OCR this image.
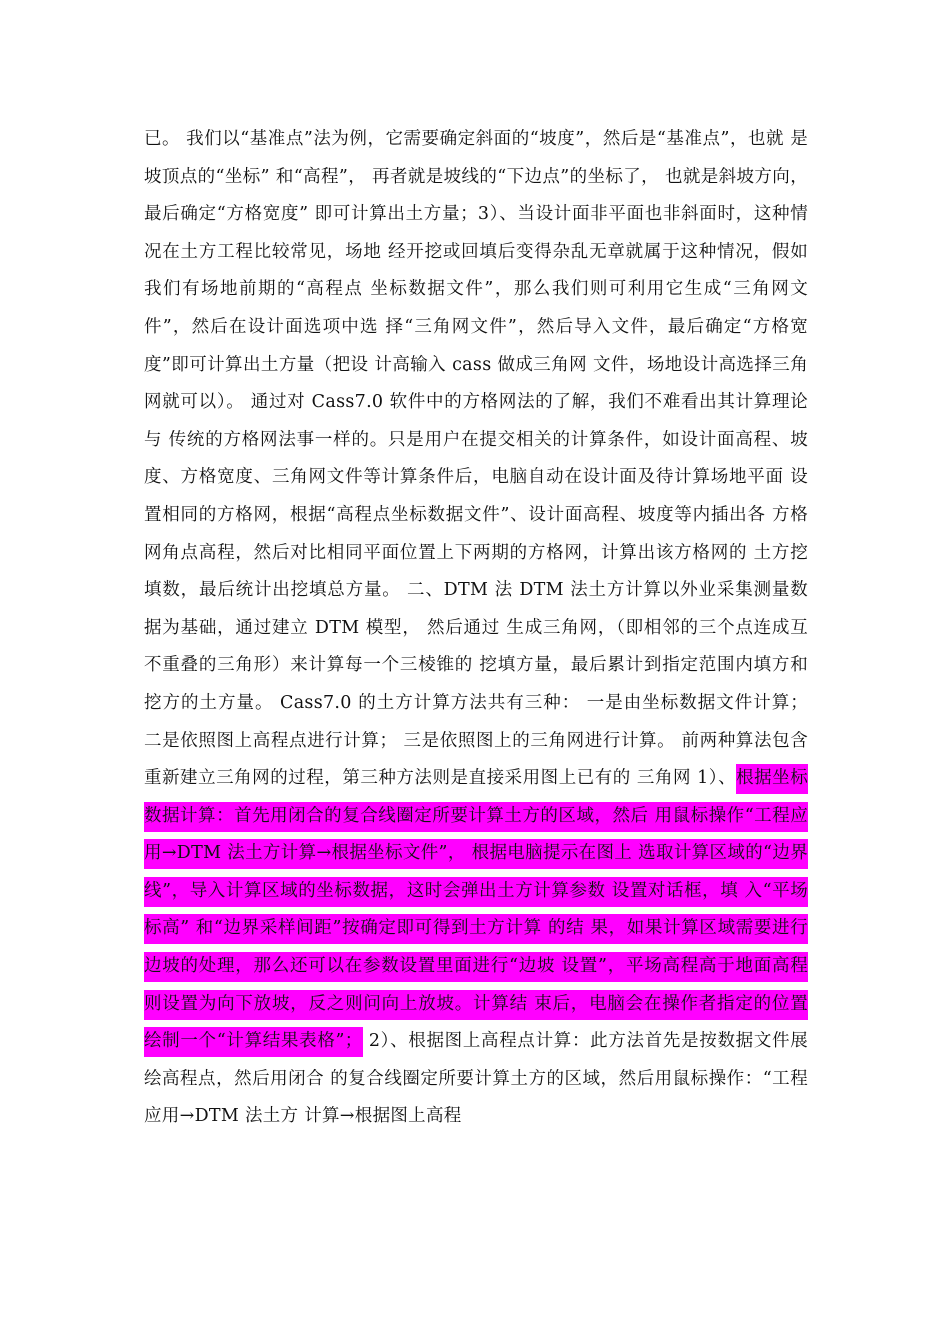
已。 我们以“基准点”法为例，它需要确定斜面的“坡度”，然后是“基准点”，也就 是坡顶点的“坐标” 和“高程”， 再者就是坡线的“下边点”的坐标了， 也就是斜坡方向， 最后确定“方格宽度” 即可计算出土方量；3）、当设计面非平面也非斜面时，这种情况在土方工程比较常见，场地 经开挖或回填后变得杂乱无章就属于这种情况，假如我们有场地前期的“高程点 坐标数据文件”，那么我们则可利用它生成“三角网文件”，然后在设计面选项中选 择“三角网文件”，然后导入文件，最后确定“方格宽度”即可计算出土方量（把设 计高输入 cass 做成三角网 文件，场地设计高选择三角网就可以）。 通过对 Cass7.0 软件中的方格网法的了解，我们不难看出其计算理论与 传统的方格网法事一样的。只是用户在提交相关的计算条件，如设计面高程、坡 度、方格宽度、三角网文件等计算条件后，电脑自动在设计面及待计算场地平面 设置相同的方格网，根据“高程点坐标数据文件”、设计面高程、坡度等内插出各 方格网角点高程，然后对比相同平面位置上下两期的方格网，计算出该方格网的 土方挖填数，最后统计出挖填总方量。 二、DTM 法 DTM 法土方计算以外业采集测量数据为基础，通过建立 DTM 模型， 然后通过 生成三角网，（即相邻的三个点连成互不重叠的三角形）来计算每一个三棱锥的 挖填方量，最后累计到指定范围内填方和挖方的土方量。 Cass7.0 的土方计算方法共有三种： 一是由坐标数据文件计算； 二是依照图上高程点进行计算； 三是依照图上的三角网进行计算。 前两种算法包含重新建立三角网的过程，第三种方法则是直接采用图上已有的 三角网 1）、根据坐标数据计算：首先用闭合的复合线圈定所要计算土方的区域，然后 用鼠标操作“工程应用→DTM 法土方计算→根据坐标文件”， 根据电脑提示在图上 选取计算区域的“边界线”，导入计算区域的坐标数据，这时会弹出土方计算参数 设置对话框，填 入“平场标高” 和“边界采样间距”按确定即可得到土方计算 的结 果，如果计算区域需要进行边坡的处理，那么还可以在参数设置里面进行“边坡 设置”，平场高程高于地面高程则设置为向下放坡，反之则问向上放坡。计算结 束后，电脑会在操作者指定的位置绘制一个“计算结果表格”； 2）、根据图上高程点计算：此方法首先是按数据文件展绘高程点，然后用闭合 的复合线圈定所要计算土方的区域，然后用鼠标操作：“工程应用→DTM 法土方 计算→根据图上高程
